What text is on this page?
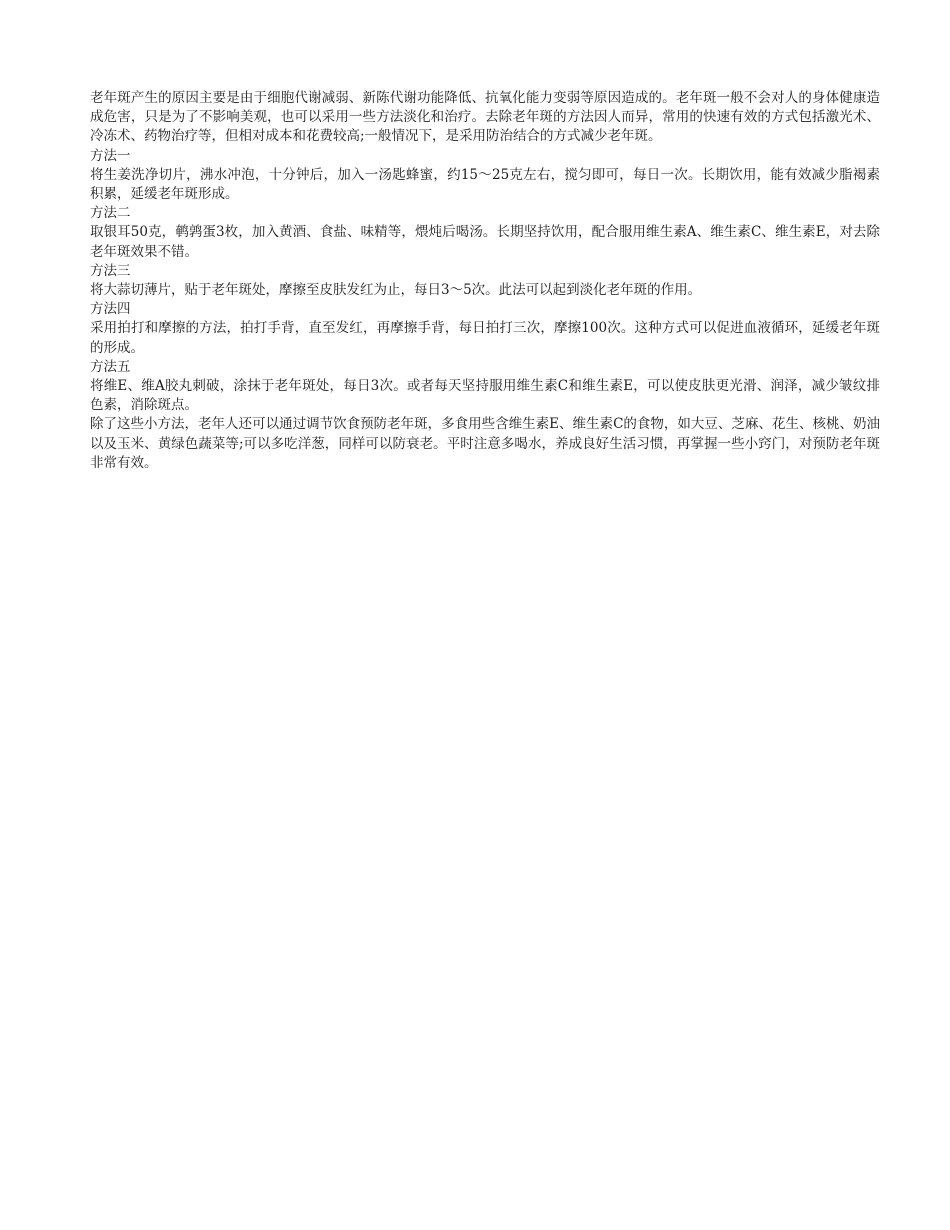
老年斑产生的原因主要是由于细胞代谢减弱、新陈代谢功能降低、抗氧化能力变弱等原因造成的。老年斑一般不会对人的身体健康造成危害，只是为了不影响美观，也可以采用一些方法淡化和治疗。去除老年斑的方法因人而异，常用的快速有效的方式包括激光术、冷冻术、药物治疗等，但相对成本和花费较高;一般情况下，是采用防治结合的方式减少老年斑。

方法一

将生姜洗净切片，沸水冲泡，十分钟后，加入一汤匙蜂蜜，约15～25克左右，搅匀即可，每日一次。长期饮用，能有效减少脂褐素积累，延缓老年斑形成。

方法二

取银耳50克，鹌鹑蛋3枚，加入黄酒、食盐、味精等，煨炖后喝汤。长期坚持饮用，配合服用维生素A、维生素C、维生素E，对去除老年斑效果不错。

方法三

将大蒜切薄片，贴于老年斑处，摩擦至皮肤发红为止，每日3～5次。此法可以起到淡化老年斑的作用。

方法四

采用拍打和摩擦的方法，拍打手背，直至发红，再摩擦手背，每日拍打三次，摩擦100次。这种方式可以促进血液循环，延缓老年斑的形成。

方法五

将维E、维A胶丸刺破，涂抹于老年斑处，每日3次。或者每天坚持服用维生素C和维生素E，可以使皮肤更光滑、润泽，减少皱纹排色素，消除斑点。

除了这些小方法，老年人还可以通过调节饮食预防老年斑，多食用些含维生素E、维生素C的食物，如大豆、芝麻、花生、核桃、奶油以及玉米、黄绿色蔬菜等;可以多吃洋葱，同样可以防衰老。平时注意多喝水，养成良好生活习惯，再掌握一些小窍门，对预防老年斑非常有效。
